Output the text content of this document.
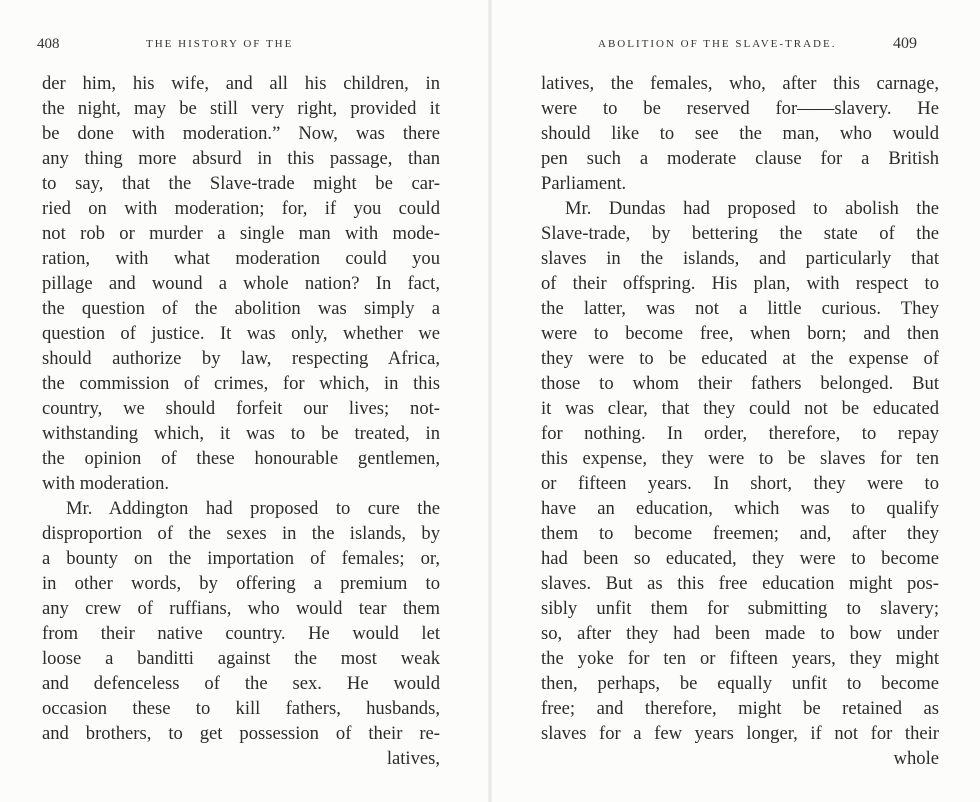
408	THE HISTORY OF THE
der him, his wife, and all his children, in
the night, may be still very right, provided it
be done with moderation.” Now, was there
any thing more absurd in this passage, than
to say, that the Slave-trade might be car-
ried on with moderation; for, if you could
not rob or murder a single man with mode-
ration, with what moderation could you
pillage and wound a whole nation? In fact,
the question of the abolition was simply a
question of justice. It was only, whether we
should authorize by law, respecting Africa,
the commission of crimes, for which, in this
country, we should forfeit our lives; not-
withstanding which, it was to be treated, in
the opinion of these honourable gentlemen,
with moderation.
Mr. Addington had proposed to cure the
disproportion of the sexes in the islands, by
a bounty on the importation of females; or,
in other words, by offering a premium to
any crew of ruffians, who would tear them
from their native country. He would let
loose a banditti against the most weak
and defenceless of the sex. He would
occasion these to kill fathers, husbands,
and brothers, to get possession of their re-
latives,
ABOLITION OF THE SLAVE-TRADE.	409
latives, the females, who, after this carnage,
were to be reserved for——slavery. He
should like to see the man, who would
pen such a moderate clause for a British
Parliament.
Mr. Dundas had proposed to abolish the
Slave-trade, by bettering the state of the
slaves in the islands, and particularly that
of their offspring. His plan, with respect to
the latter, was not a little curious. They
were to become free, when born; and then
they were to be educated at the expense of
those to whom their fathers belonged. But
it was clear, that they could not be educated
for nothing. In order, therefore, to repay
this expense, they were to be slaves for ten
or fifteen years. In short, they were to
have an education, which was to qualify
them to become freemen; and, after they
had been so educated, they were to become
slaves. But as this free education might pos-
sibly unfit them for submitting to slavery;
so, after they had been made to bow under
the yoke for ten or fifteen years, they might
then, perhaps, be equally unfit to become
free; and therefore, might be retained as
slaves for a few years longer, if not for their
whole
